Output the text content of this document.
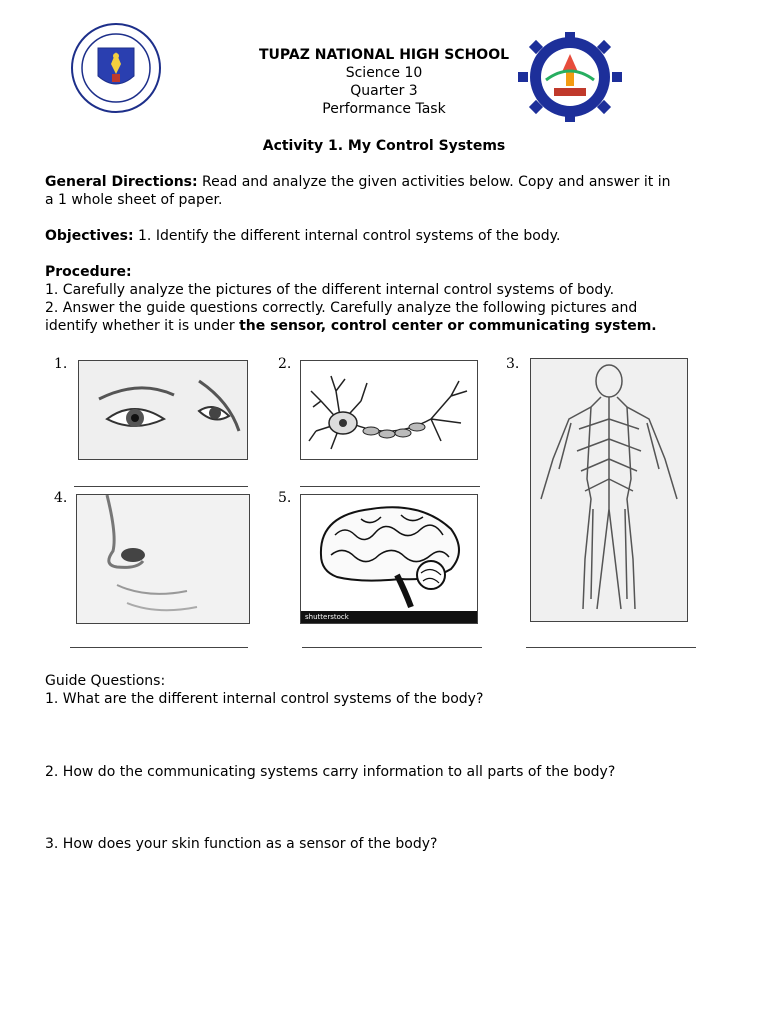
TUPAZ NATIONAL HIGH SCHOOL
Science 10
Quarter 3
Performance Task
Activity 1. My Control Systems
General Directions: Read and analyze the given activities below. Copy and answer it in
a 1 whole sheet of paper.
Objectives: 1. Identify the different internal control systems of the body.
Procedure:
1. Carefully analyze the pictures of the different internal control systems of body.
2. Answer the guide questions correctly. Carefully analyze the following pictures and
identify whether it is under the sensor, control center or communicating system.
1.	2.	3.
4.	5.
shutterstock
Guide Questions:
1. What are the different internal control systems of the body?
2. How do the communicating systems carry information to all parts of the body?
3. How does your skin function as a sensor of the body?
